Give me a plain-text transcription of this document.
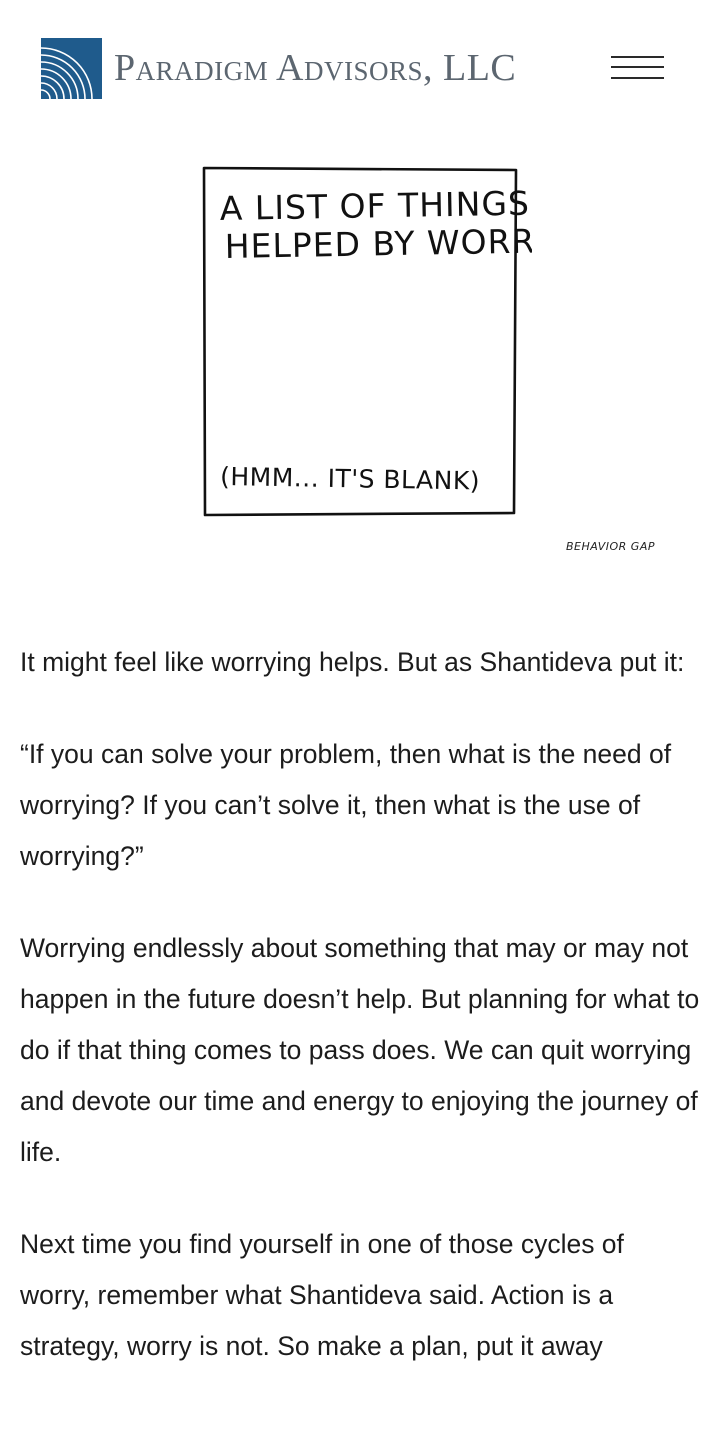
Paradigm Advisors, LLC
A LIST OF THINGS
HELPED BY WORRY
(HMM... IT'S BLANK)
BEHAVIOR GAP

It might feel like worrying helps. But as Shantideva put it:

“If you can solve your problem, then what is the need of worrying? If you can’t solve it, then what is the use of worrying?”

Worrying endlessly about something that may or may not happen in the future doesn’t help. But planning for what to do if that thing comes to pass does. We can quit worrying and devote our time and energy to enjoying the journey of life.

Next time you find yourself in one of those cycles of worry, remember what Shantideva said. Action is a strategy, worry is not. So make a plan, put it away
